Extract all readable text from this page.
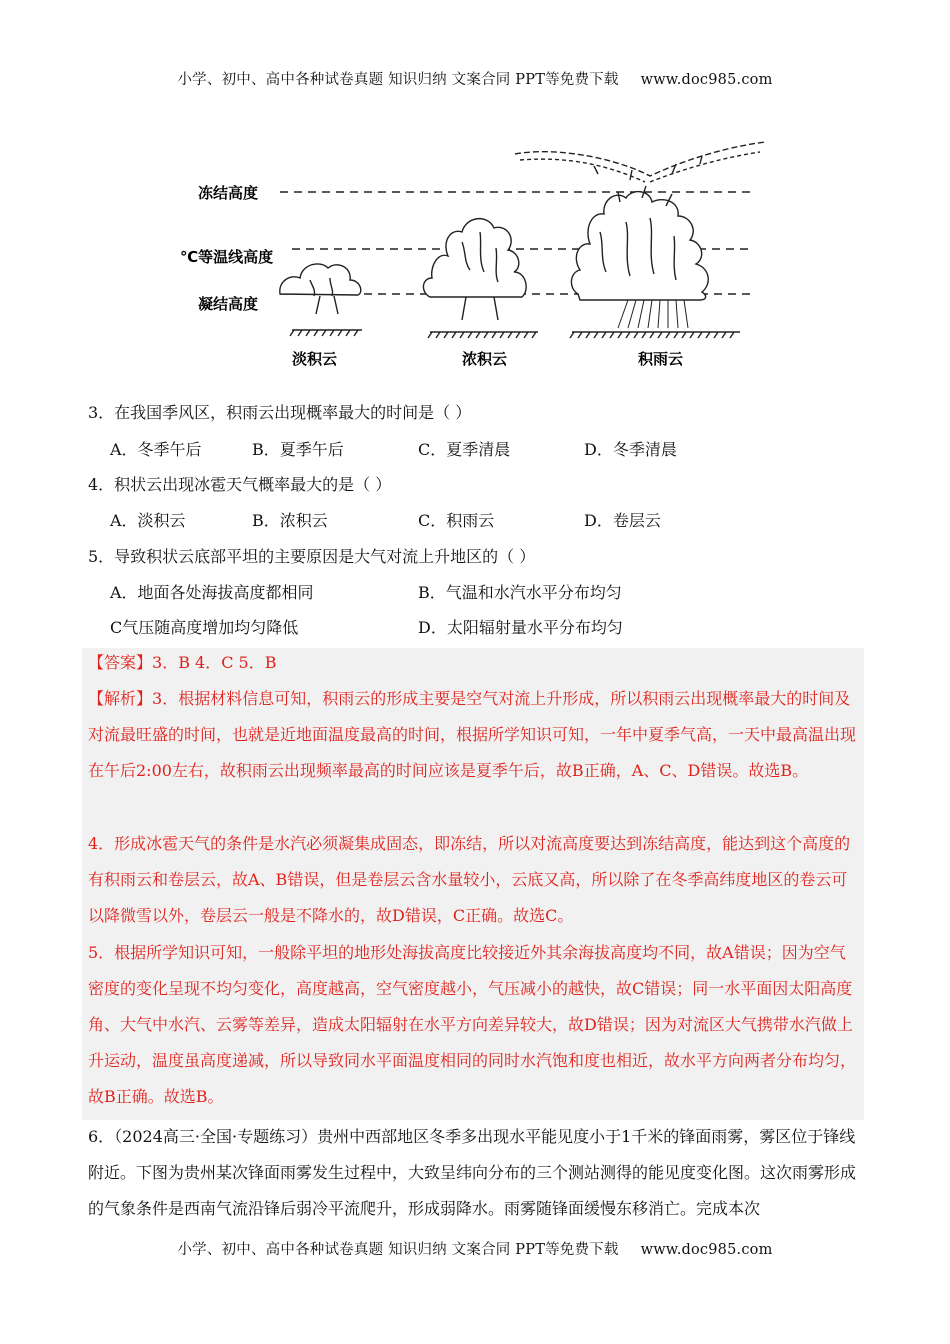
小学、初中、高中各种试卷真题 知识归纳 文案合同 PPT等免费下载 www.doc985.com
冻结高度
℃等温线高度
凝结高度
淡积云	浓积云	积雨云
3．在我国季风区，积雨云出现概率最大的时间是（ ）
A．冬季午后	B．夏季午后	C．夏季清晨	D．冬季清晨
4．积状云出现冰雹天气概率最大的是（ ）
A．淡积云	B．浓积云	C．积雨云	D．卷层云
5．导致积状云底部平坦的主要原因是大气对流上升地区的（ ）
A．地面各处海拔高度都相同	B．气温和水汽水平分布均匀
C气压随高度增加均匀降低	D．太阳辐射量水平分布均匀
【答案】3．B 4．C 5．B
【解析】3．根据材料信息可知，积雨云的形成主要是空气对流上升形成，所以积雨云出现概率最大的时间及对流最旺盛的时间，也就是近地面温度最高的时间，根据所学知识可知，一年中夏季气高，一天中最高温出现在午后2:00左右，故积雨云出现频率最高的时间应该是夏季午后，故B正确，A、C、D错误。故选B。
4．形成冰雹天气的条件是水汽必须凝集成固态，即冻结，所以对流高度要达到冻结高度，能达到这个高度的有积雨云和卷层云，故A、B错误，但是卷层云含水量较小，云底又高，所以除了在冬季高纬度地区的卷云可以降微雪以外，卷层云一般是不降水的，故D错误，C正确。故选C。
5．根据所学知识可知，一般除平坦的地形处海拔高度比较接近外其余海拔高度均不同，故A错误；因为空气密度的变化呈现不均匀变化，高度越高，空气密度越小，气压减小的越快，故C错误；同一水平面因太阳高度角、大气中水汽、云雾等差异，造成太阳辐射在水平方向差异较大，故D错误；因为对流区大气携带水汽做上升运动，温度虽高度递减，所以导致同水平面温度相同的同时水汽饱和度也相近，故水平方向两者分布均匀，故B正确。故选B。
6．（2024高三·全国·专题练习）贵州中西部地区冬季多出现水平能见度小于1千米的锋面雨雾，雾区位于锋线附近。下图为贵州某次锋面雨雾发生过程中，大致呈纬向分布的三个测站测得的能见度变化图。这次雨雾形成的气象条件是西南气流沿锋后弱冷平流爬升，形成弱降水。雨雾随锋面缓慢东移消亡。完成本次
小学、初中、高中各种试卷真题 知识归纳 文案合同 PPT等免费下载 www.doc985.com
